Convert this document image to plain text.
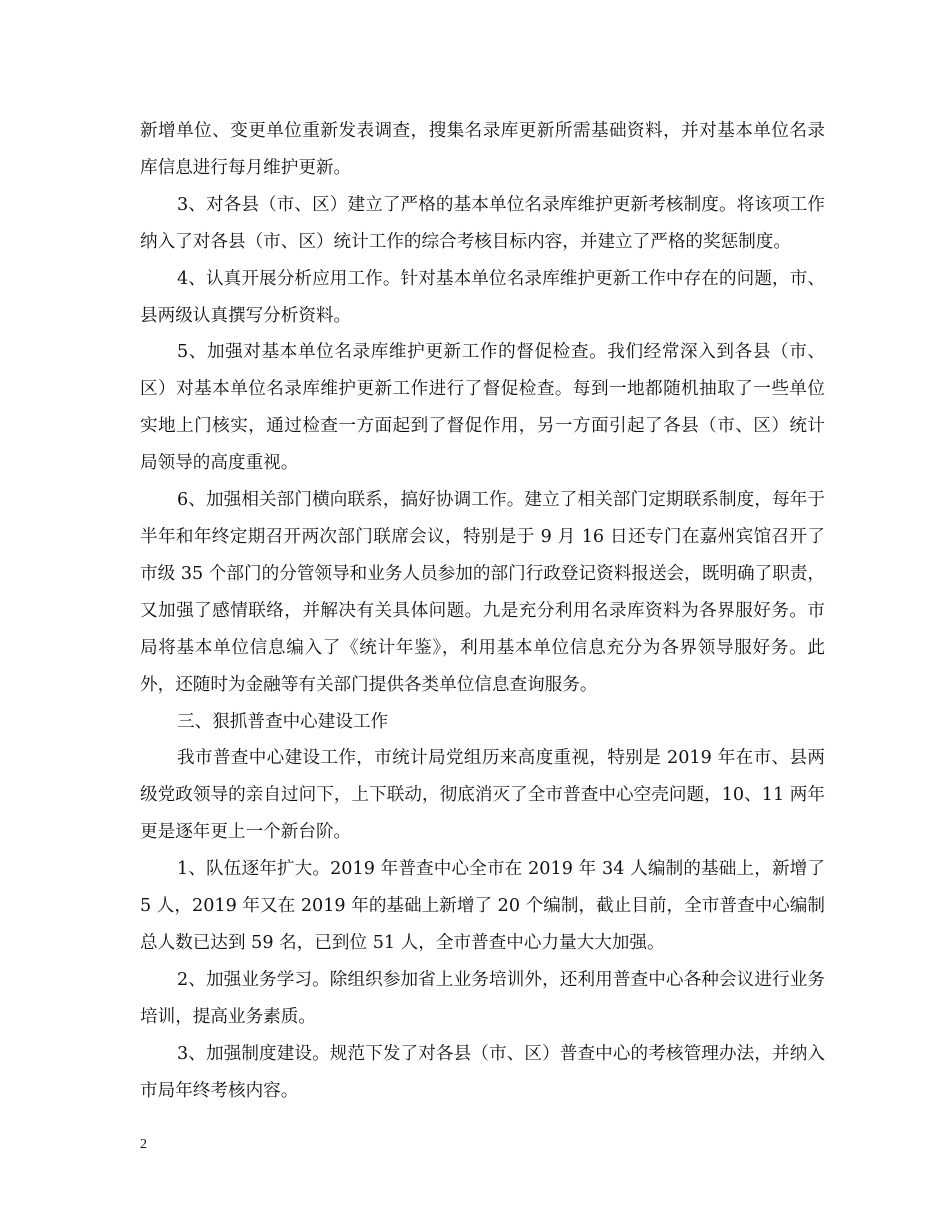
新增单位、变更单位重新发表调查，搜集名录库更新所需基础资料，并对基本单位名录库信息进行每月维护更新。

3、对各县（市、区）建立了严格的基本单位名录库维护更新考核制度。将该项工作纳入了对各县（市、区）统计工作的综合考核目标内容，并建立了严格的奖惩制度。

4、认真开展分析应用工作。针对基本单位名录库维护更新工作中存在的问题，市、县两级认真撰写分析资料。

5、加强对基本单位名录库维护更新工作的督促检查。我们经常深入到各县（市、区）对基本单位名录库维护更新工作进行了督促检查。每到一地都随机抽取了一些单位实地上门核实，通过检查一方面起到了督促作用，另一方面引起了各县（市、区）统计局领导的高度重视。

6、加强相关部门横向联系，搞好协调工作。建立了相关部门定期联系制度，每年于半年和年终定期召开两次部门联席会议，特别是于 9 月 16 日还专门在嘉州宾馆召开了市级 35 个部门的分管领导和业务人员参加的部门行政登记资料报送会，既明确了职责，又加强了感情联络，并解决有关具体问题。九是充分利用名录库资料为各界服好务。市局将基本单位信息编入了《统计年鉴》，利用基本单位信息充分为各界领导服好务。此外，还随时为金融等有关部门提供各类单位信息查询服务。

三、狠抓普查中心建设工作

我市普查中心建设工作，市统计局党组历来高度重视，特别是 2019 年在市、县两级党政领导的亲自过问下，上下联动，彻底消灭了全市普查中心空壳问题，10、11 两年更是逐年更上一个新台阶。

1、队伍逐年扩大。2019 年普查中心全市在 2019 年 34 人编制的基础上，新增了 5 人，2019 年又在 2019 年的基础上新增了 20 个编制，截止目前，全市普查中心编制总人数已达到 59 名，已到位 51 人，全市普查中心力量大大加强。

2、加强业务学习。除组织参加省上业务培训外，还利用普查中心各种会议进行业务培训，提高业务素质。

3、加强制度建设。规范下发了对各县（市、区）普查中心的考核管理办法，并纳入市局年终考核内容。

2
